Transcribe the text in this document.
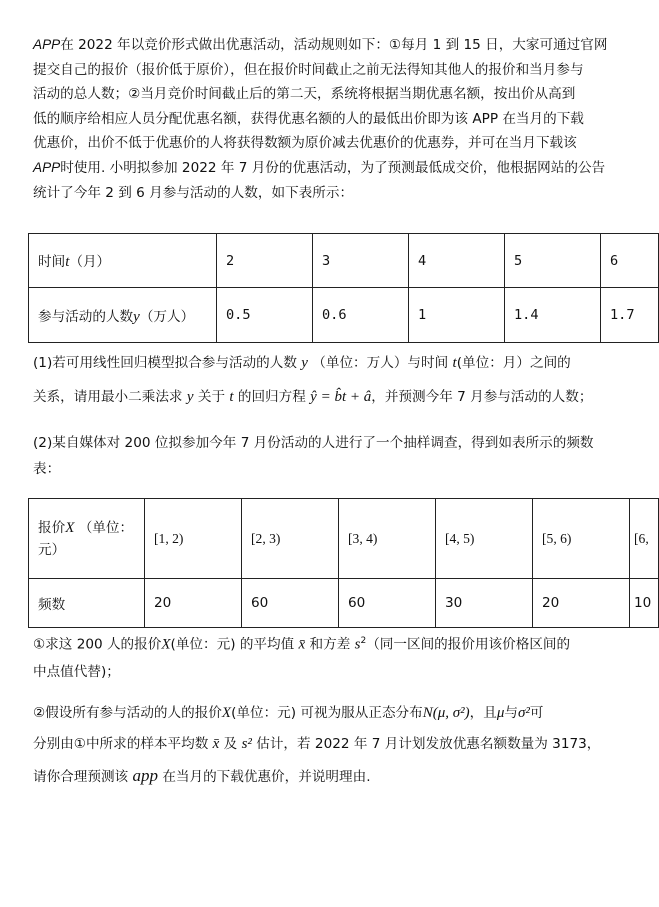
APP在 2022 年以竞价形式做出优惠活动，活动规则如下：①每月 1 到 15 日，大家可通过官网
提交自己的报价（报价低于原价），但在报价时间截止之前无法得知其他人的报价和当月参与
活动的总人数；②当月竞价时间截止后的第二天，系统将根据当期优惠名额，按出价从高到
低的顺序给相应人员分配优惠名额，获得优惠名额的人的最低出价即为该 APP 在当月的下载
优惠价，出价不低于优惠价的人将获得数额为原价减去优惠价的优惠券，并可在当月下载该
APP时使用. 小明拟参加 2022 年 7 月份的优惠活动，为了预测最低成交价，他根据网站的公告
统计了今年 2 到 6 月参与活动的人数，如下表所示：
时间t（月）	2	3	4	5	6
参与活动的人数y（万人）	0.5	0.6	1	1.4	1.7
(1)若可用线性回归模型拟合参与活动的人数 y （单位：万人）与时间 t(单位：月）之间的
关系，请用最小二乘法求 y 关于 t 的回归方程 ŷ = b̂t + â，并预测今年 7 月参与活动的人数；
(2)某自媒体对 200 位拟参加今年 7 月份活动的人进行了一个抽样调查，得到如表所示的频数
表：
报价X （单位：
元）	[1, 2)	[2, 3)	[3, 4)	[4, 5)	[5, 6)	[6,
频数	20	60	60	30	20	10
①求这 200 人的报价X(单位：元) 的平均值 x̄ 和方差 $s^2$（同一区间的报价用该价格区间的
中点值代替)；
②假设所有参与活动的人的报价X(单位：元) 可视为服从正态分布N(μ, σ²)，且μ与σ²可
分别由①中所求的样本平均数 x̄ 及 s² 估计，若 2022 年 7 月计划发放优惠名额数量为 3173，
请你合理预测该 app 在当月的下载优惠价，并说明理由.
